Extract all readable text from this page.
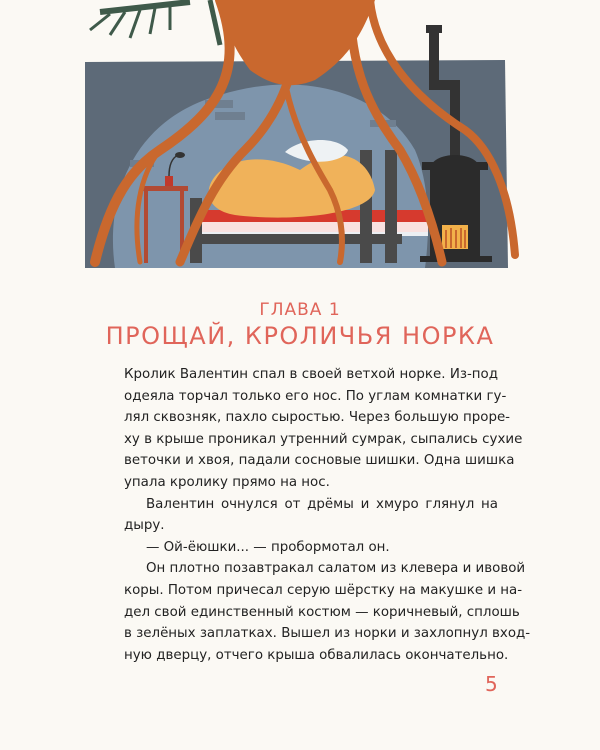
ГЛАВА 1
ПРОЩАЙ, КРОЛИЧЬЯ НОРКА
Кролик Валентин спал в своей ветхой норке. Из-под
одеяла торчал только его нос. По углам комнатки гу-
лял сквозняк, пахло сыростью. Через большую проре-
ху в крыше проникал утренний сумрак, сыпались сухие
веточки и хвоя, падали сосновые шишки. Одна шишка
упала кролику прямо на нос.
Валентин очнулся от дрёмы и хмуро глянул на
дыру.
— Ой-ёюшки... — пробормотал он.
Он плотно позавтракал салатом из клевера и ивовой
коры. Потом причесал серую шёрстку на макушке и на-
дел свой единственный костюм — коричневый, сплошь
в зелёных заплатках. Вышел из норки и захлопнул вход-
ную дверцу, отчего крыша обвалилась окончательно.
5
